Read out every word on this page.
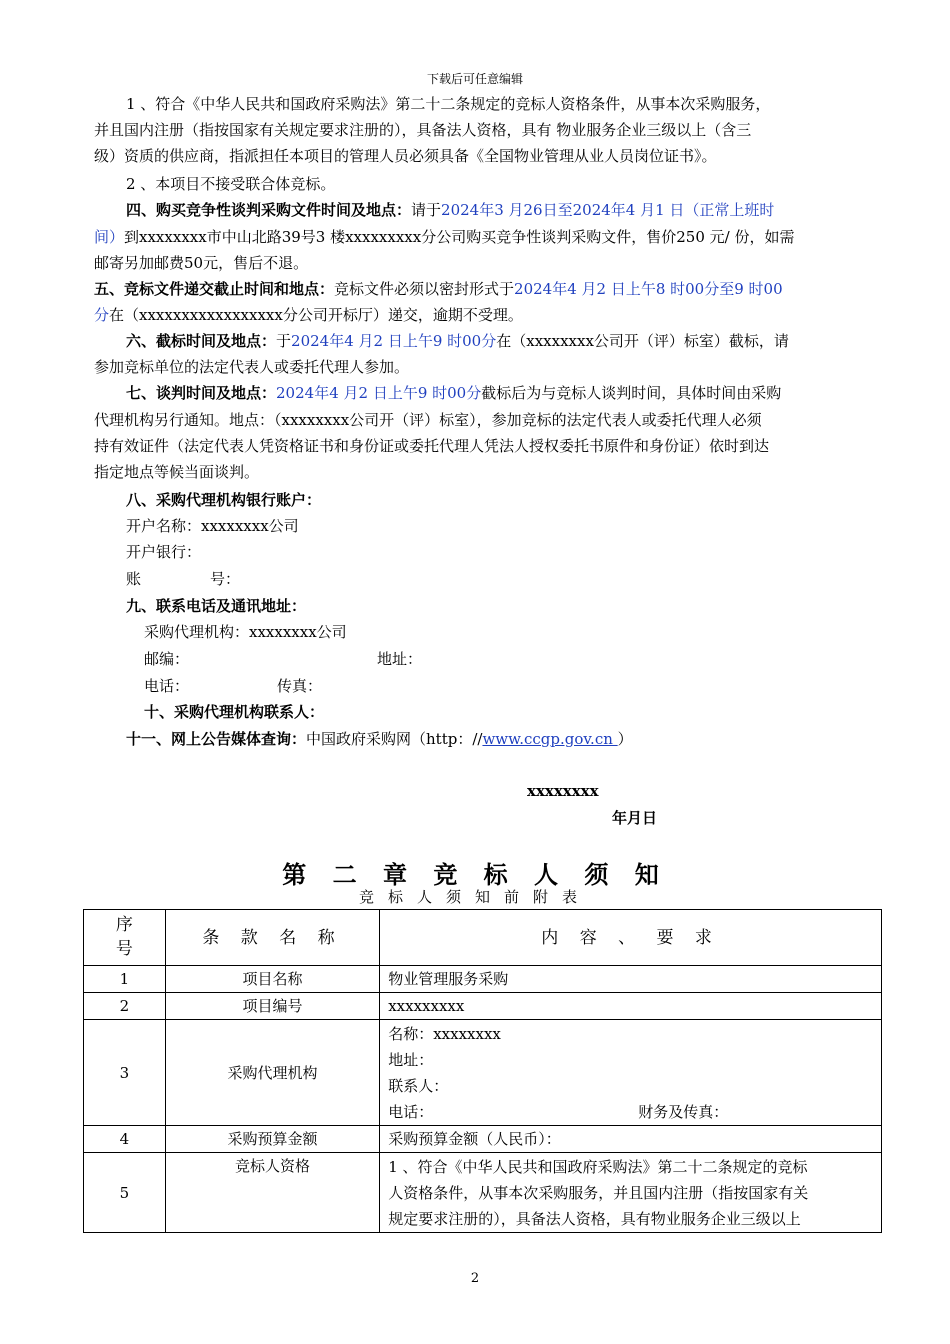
下载后可任意编辑
1 、符合《中华人民共和国政府采购法》第二十二条规定的竞标人资格条件，从事本次采购服务，
并且国内注册（指按国家有关规定要求注册的），具备法人资格，具有 物业服务企业三级以上（含三
级）资质的供应商，指派担任本项目的管理人员必须具备《全国物业管理从业人员岗位证书》。
2 、本项目不接受联合体竞标。
四、购买竞争性谈判采购文件时间及地点：请于2024年3 月26日至2024年4 月1 日（正常上班时
间）到xxxxxxxx市中山北路39号3 楼xxxxxxxxx分公司购买竞争性谈判采购文件，售价250 元/ 份，如需
邮寄另加邮费50元，售后不退。
五、竞标文件递交截止时间和地点：竞标文件必须以密封形式于2024年4 月2 日上午8 时00分至9 时00
分在（xxxxxxxxxxxxxxxxx分公司开标厅）递交，逾期不受理。
六、截标时间及地点：于2024年4 月2 日上午9 时00分在（xxxxxxxx公司开（评）标室）截标，请
参加竞标单位的法定代表人或委托代理人参加。
七、谈判时间及地点：2024年4 月2 日上午9 时00分截标后为与竞标人谈判时间，具体时间由采购
代理机构另行通知。地点：（xxxxxxxx公司开（评）标室），参加竞标的法定代表人或委托代理人必须
持有效证件（法定代表人凭资格证书和身份证或委托代理人凭法人授权委托书原件和身份证）依时到达
指定地点等候当面谈判。
八、采购代理机构银行账户：
开户名称：xxxxxxxx公司
开户银行：
账	号：
九、联系电话及通讯地址：
采购代理机构：xxxxxxxx公司
邮编：	地址：
电话：	传真：
十、采购代理机构联系人：
十一、网上公告媒体查询：中国政府采购网（http：//www.ccgp.gov.cn ）
xxxxxxxx
年月日
第 二 章 竞 标 人 须 知
竞标人须知前附表
序号	条 款 名 称	内 容 、 要 求
1	项目名称	物业管理服务采购
2	项目编号	xxxxxxxxx
3	采购代理机构	名称：xxxxxxxx
地址：
联系人：
电话： 财务及传真：

4	采购预算金额	采购预算金额（人民币）：
5	竞标人资格	1 、符合《中华人民共和国政府采购法》第二十二条规定的竞标
人资格条件，从事本次采购服务，并且国内注册（指按国家有关
规定要求注册的），具备法人资格，具有物业服务企业三级以上
2
